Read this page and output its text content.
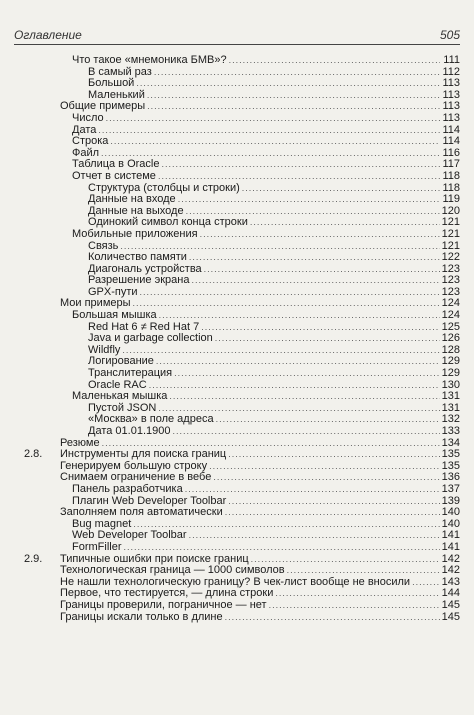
Оглавление	505
Что такое «мнемоника БМВ»? .....	111
В самый раз .....	112
Большой .....	113
Маленький .....	113
Общие примеры .....	113
Число .....	113
Дата .....	114
Строка .....	114
Файл .....	116
Таблица в Oracle .....	117
Отчет в системе .....	118
Структура (столбцы и строки) .....	118
Данные на входе .....	119
Данные на выходе .....	120
Одинокий символ конца строки .....	121
Мобильные приложения .....	121
Связь .....	121
Количество памяти .....	122
Диагональ устройства .....	123
Разрешение экрана .....	123
GPX-пути .....	123
Мои примеры .....	124
Большая мышка .....	124
Red Hat 6 ≠ Red Hat 7 .....	125
Java и garbage collection .....	126
Wildfly .....	128
Логирование .....	129
Транслитерация .....	129
Oracle RAC .....	130
Маленькая мышка .....	131
Пустой JSON .....	131
«Москва» в поле адреса .....	132
Дата 01.01.1900 .....	133
Резюме .....	134
2.8. Инструменты для поиска границ .....	135
Генерируем большую строку .....	135
Снимаем ограничение в вебе .....	136
Панель разработчика .....	137
Плагин Web Developer Toolbar .....	139
Заполняем поля автоматически .....	140
Bug magnet .....	140
Web Developer Toolbar .....	141
FormFiller .....	141
2.9. Типичные ошибки при поиске границ .....	142
Технологическая граница — 1000 символов .....	142
Не нашли технологическую границу? В чек-лист вообще не вносили .....	143
Первое, что тестируется, — длина строки .....	144
Границы проверили, пограничное — нет .....	145
Границы искали только в длине .....	145
